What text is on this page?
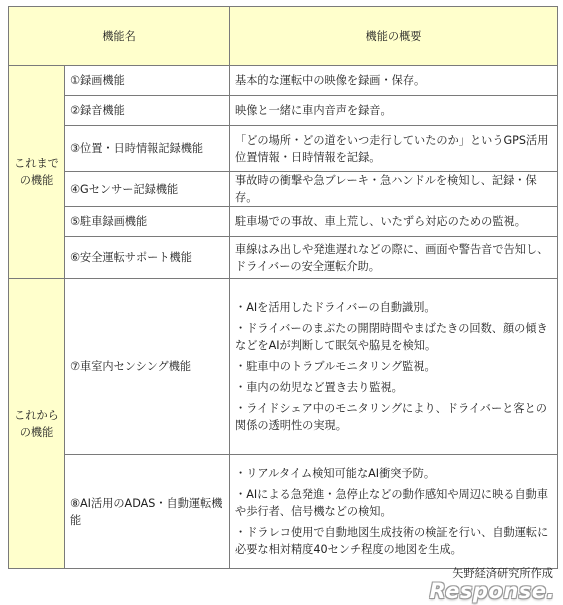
機能名		機能の概要
これまでの機能	①録画機能	基本的な運転中の映像を録画・保存。
	②録音機能	映像と一緒に車内音声を録音。
	③位置・日時情報記録機能	「どの場所・どの道をいつ走行していたのか」というGPS活用位置情報・日時情報を記録。
	④Gセンサー記録機能	事故時の衝撃や急ブレーキ・急ハンドルを検知し、記録・保存。
	⑤駐車録画機能	駐車場での事故、車上荒し、いたずら対応のための監視。
	⑥安全運転サポート機能	車線はみ出しや発進遅れなどの際に、画面や警告音で告知し、ドライバーの安全運転介助。
これからの機能	⑦車室内センシング機能	・AIを活用したドライバーの自動識別。
・ドライバーのまぶたの開閉時間やまばたきの回数、顔の傾きなどをAIが判断して眠気や脇見を検知。
・駐車中のトラブルモニタリング監視。
・車内の幼児など置き去り監視。
・ライドシェア中のモニタリングにより、ドライバーと客との関係の透明性の実現。

	⑧AI活用のADAS・自動運転機能	・リアルタイム検知可能なAI衝突予防。
・AIによる急発進・急停止などの動作感知や周辺に映る自動車や歩行者、信号機などの検知。
・ドラレコ使用で自動地図生成技術の検証を行い、自動運転に必要な相対精度40センチ程度の地図を生成。
矢野経済研究所作成
Response.
